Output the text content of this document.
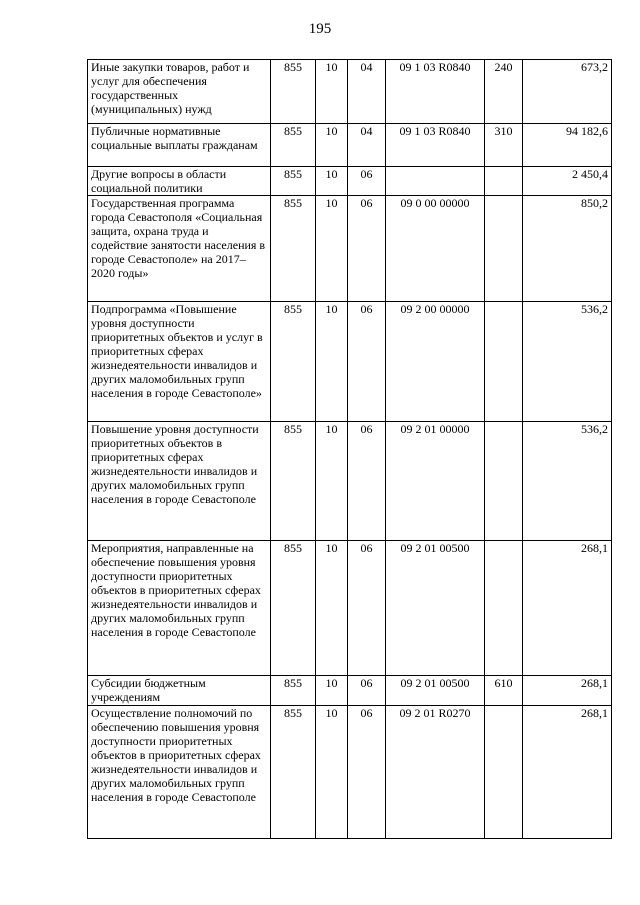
195
Иные закупки товаров, работ и услуг для обеспечения государственных (муниципальных) нужд	855	10	04	09 1 03 R0840	240	673,2
Публичные нормативные социальные выплаты гражданам	855	10	04	09 1 03 R0840	310	94 182,6
Другие вопросы в области социальной политики	855	10	06			2 450,4
Государственная программа города Севастополя «Социальная защита, охрана труда и содействие занятости населения в городе Севастополе» на 2017–2020 годы»	855	10	06	09 0 00 00000		850,2
Подпрограмма «Повышение уровня доступности приоритетных объектов и услуг в приоритетных сферах жизнедеятельности инвалидов и других маломобильных групп населения в городе Севастополе»	855	10	06	09 2 00 00000		536,2
Повышение уровня доступности приоритетных объектов в приоритетных сферах жизнедеятельности инвалидов и других маломобильных групп населения в городе Севастополе	855	10	06	09 2 01 00000		536,2
Мероприятия, направленные на обеспечение повышения уровня доступности приоритетных объектов в приоритетных сферах жизнедеятельности инвалидов и других маломобильных групп населения в городе Севастополе	855	10	06	09 2 01 00500		268,1
Субсидии бюджетным учреждениям	855	10	06	09 2 01 00500	610	268,1
Осуществление полномочий по обеспечению повышения уровня доступности приоритетных объектов в приоритетных сферах жизнедеятельности инвалидов и других маломобильных групп населения в городе Севастополе	855	10	06	09 2 01 R0270		268,1
